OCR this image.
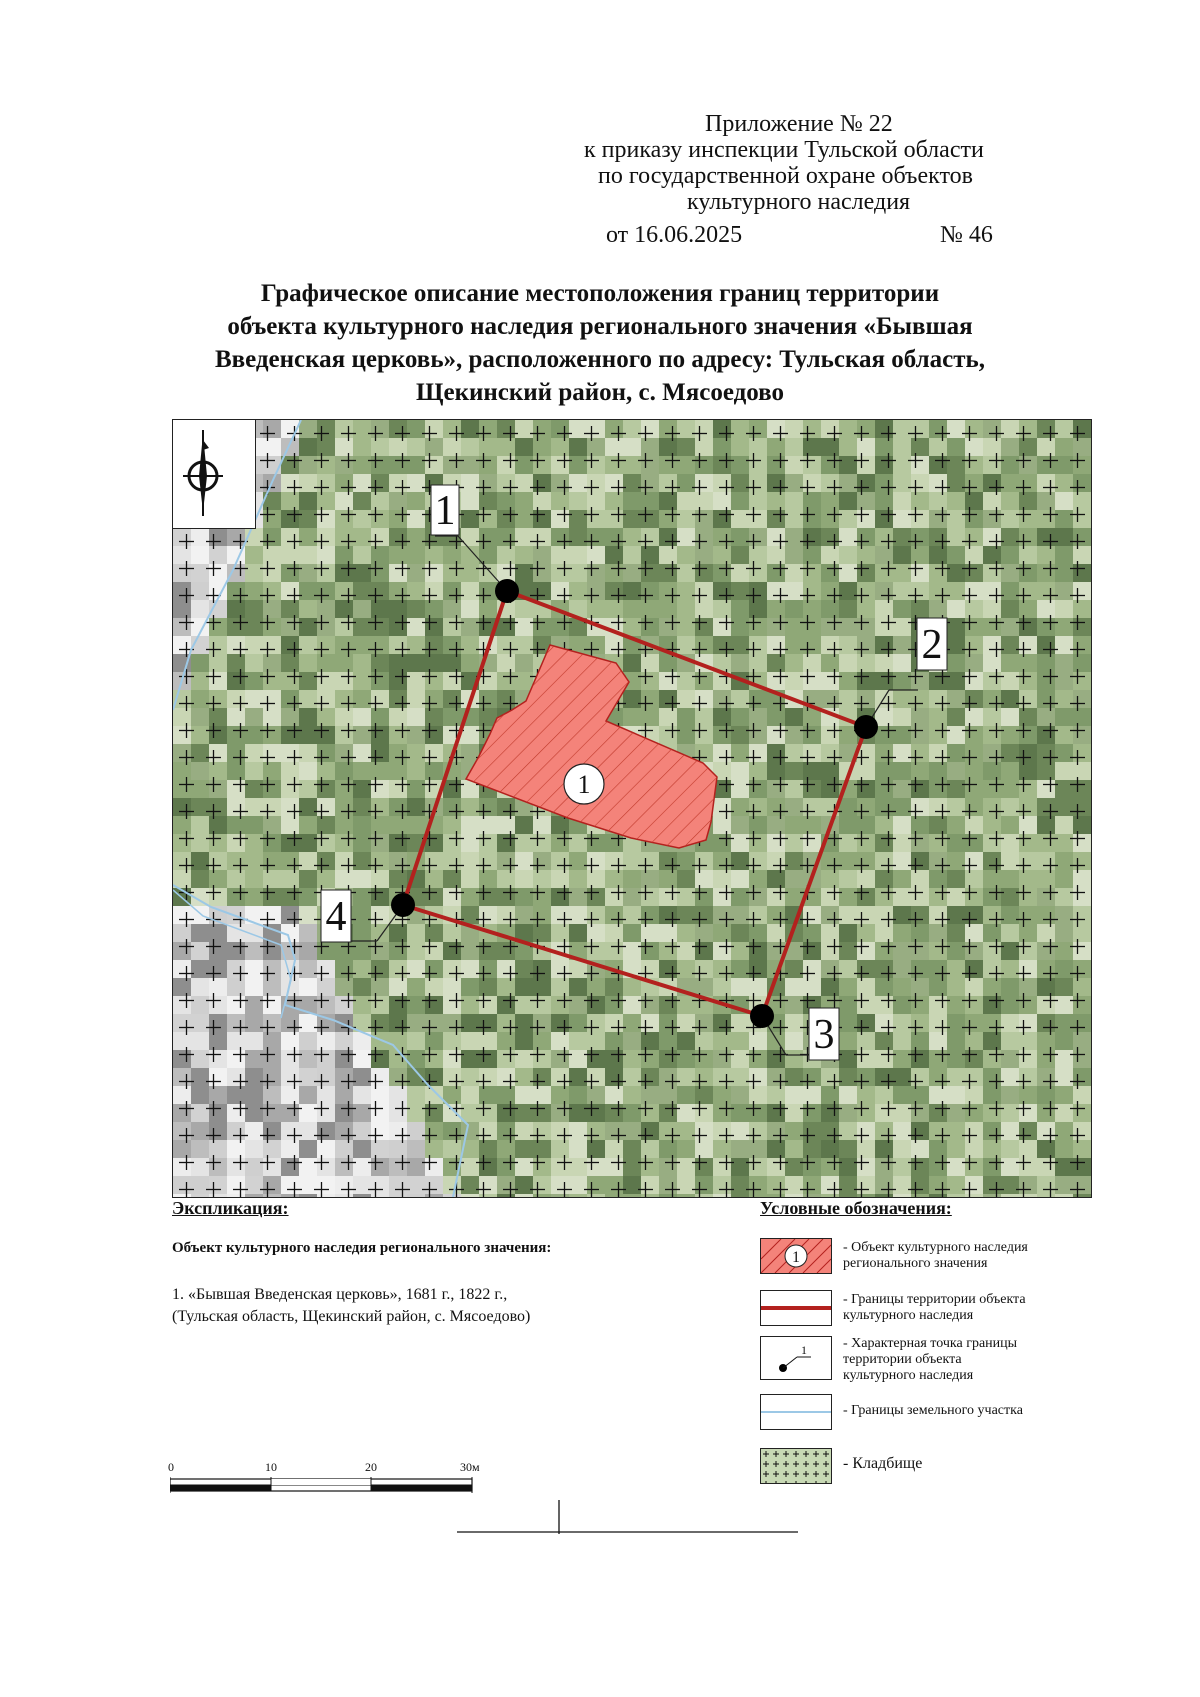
Приложение № 22
к приказу инспекции Тульской области
по государственной охране объектов
культурного наследия
от 16.06.2025	№ 46
Графическое описание местоположения границ территории
объекта культурного наследия регионального значения «Бывшая
Введенская церковь», расположенного по адресу: Тульская область,
Щекинский район, с. Мясоедово
1
1
2
3
4
Экспликация:
Объект культурного наследия регионального значения:
1. «Бывшая Введенская церковь», 1681 г., 1822 г.,
(Тульская область, Щекинский район, с. Мясоедово)
Условные обозначения:
1
- Объект культурного наследия
регионального значения
- Границы территории объекта
культурного наследия
1	- Характерная точка границы
территории объекта
культурного наследия
- Границы земельного участка
- Кладбище
0	10	20	30м
